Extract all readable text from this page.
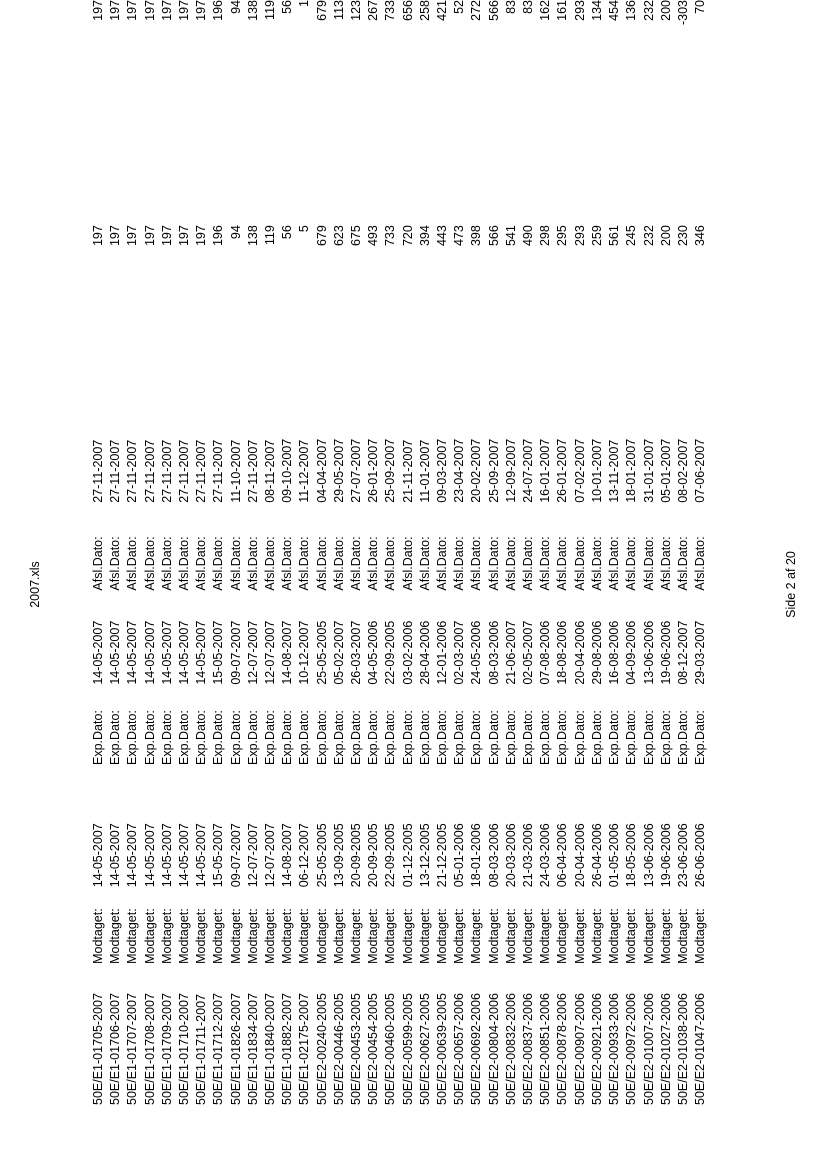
2007.xls
50E/E1-01705-2007	Modtaget:	14-05-2007	Exp.Dato:	14-05-2007	Afsl.Dato:	27-11-2007	197	197
50E/E1-01706-2007	Modtaget:	14-05-2007	Exp.Dato:	14-05-2007	Afsl.Dato:	27-11-2007	197	197
50E/E1-01707-2007	Modtaget:	14-05-2007	Exp.Dato:	14-05-2007	Afsl.Dato:	27-11-2007	197	197
50E/E1-01708-2007	Modtaget:	14-05-2007	Exp.Dato:	14-05-2007	Afsl.Dato:	27-11-2007	197	197
50E/E1-01709-2007	Modtaget:	14-05-2007	Exp.Dato:	14-05-2007	Afsl.Dato:	27-11-2007	197	197
50E/E1-01710-2007	Modtaget:	14-05-2007	Exp.Dato:	14-05-2007	Afsl.Dato:	27-11-2007	197	197
50E/E1-01711-2007	Modtaget:	14-05-2007	Exp.Dato:	14-05-2007	Afsl.Dato:	27-11-2007	197	197
50E/E1-01712-2007	Modtaget:	15-05-2007	Exp.Dato:	15-05-2007	Afsl.Dato:	27-11-2007	196	196
50E/E1-01826-2007	Modtaget:	09-07-2007	Exp.Dato:	09-07-2007	Afsl.Dato:	11-10-2007	94	94
50E/E1-01834-2007	Modtaget:	12-07-2007	Exp.Dato:	12-07-2007	Afsl.Dato:	27-11-2007	138	138
50E/E1-01840-2007	Modtaget:	12-07-2007	Exp.Dato:	12-07-2007	Afsl.Dato:	08-11-2007	119	119
50E/E1-01882-2007	Modtaget:	14-08-2007	Exp.Dato:	14-08-2007	Afsl.Dato:	09-10-2007	56	56
50E/E1-02175-2007	Modtaget:	06-12-2007	Exp.Dato:	10-12-2007	Afsl.Dato:	11-12-2007	5	1
50E/E2-00240-2005	Modtaget:	25-05-2005	Exp.Dato:	25-05-2005	Afsl.Dato:	04-04-2007	679	679
50E/E2-00446-2005	Modtaget:	13-09-2005	Exp.Dato:	05-02-2007	Afsl.Dato:	29-05-2007	623	113
50E/E2-00453-2005	Modtaget:	20-09-2005	Exp.Dato:	26-03-2007	Afsl.Dato:	27-07-2007	675	123
50E/E2-00454-2005	Modtaget:	20-09-2005	Exp.Dato:	04-05-2006	Afsl.Dato:	26-01-2007	493	267
50E/E2-00460-2005	Modtaget:	22-09-2005	Exp.Dato:	22-09-2005	Afsl.Dato:	25-09-2007	733	733
50E/E2-00599-2005	Modtaget:	01-12-2005	Exp.Dato:	03-02-2006	Afsl.Dato:	21-11-2007	720	656
50E/E2-00627-2005	Modtaget:	13-12-2005	Exp.Dato:	28-04-2006	Afsl.Dato:	11-01-2007	394	258
50E/E2-00639-2005	Modtaget:	21-12-2005	Exp.Dato:	12-01-2006	Afsl.Dato:	09-03-2007	443	421
50E/E2-00657-2006	Modtaget:	05-01-2006	Exp.Dato:	02-03-2007	Afsl.Dato:	23-04-2007	473	52
50E/E2-00692-2006	Modtaget:	18-01-2006	Exp.Dato:	24-05-2006	Afsl.Dato:	20-02-2007	398	272
50E/E2-00804-2006	Modtaget:	08-03-2006	Exp.Dato:	08-03-2006	Afsl.Dato:	25-09-2007	566	566
50E/E2-00832-2006	Modtaget:	20-03-2006	Exp.Dato:	21-06-2007	Afsl.Dato:	12-09-2007	541	83
50E/E2-00837-2006	Modtaget:	21-03-2006	Exp.Dato:	02-05-2007	Afsl.Dato:	24-07-2007	490	83
50E/E2-00851-2006	Modtaget:	24-03-2006	Exp.Dato:	07-08-2006	Afsl.Dato:	16-01-2007	298	162
50E/E2-00878-2006	Modtaget:	06-04-2006	Exp.Dato:	18-08-2006	Afsl.Dato:	26-01-2007	295	161
50E/E2-00907-2006	Modtaget:	20-04-2006	Exp.Dato:	20-04-2006	Afsl.Dato:	07-02-2007	293	293
50E/E2-00921-2006	Modtaget:	26-04-2006	Exp.Dato:	29-08-2006	Afsl.Dato:	10-01-2007	259	134
50E/E2-00933-2006	Modtaget:	01-05-2006	Exp.Dato:	16-08-2006	Afsl.Dato:	13-11-2007	561	454
50E/E2-00972-2006	Modtaget:	18-05-2006	Exp.Dato:	04-09-2006	Afsl.Dato:	18-01-2007	245	136
50E/E2-01007-2006	Modtaget:	13-06-2006	Exp.Dato:	13-06-2006	Afsl.Dato:	31-01-2007	232	232
50E/E2-01027-2006	Modtaget:	19-06-2006	Exp.Dato:	19-06-2006	Afsl.Dato:	05-01-2007	200	200
50E/E2-01038-2006	Modtaget:	23-06-2006	Exp.Dato:	08-12-2007	Afsl.Dato:	08-02-2007	230	-303
50E/E2-01047-2006	Modtaget:	26-06-2006	Exp.Dato:	29-03-2007	Afsl.Dato:	07-06-2007	346	70
Side 2 af 20
